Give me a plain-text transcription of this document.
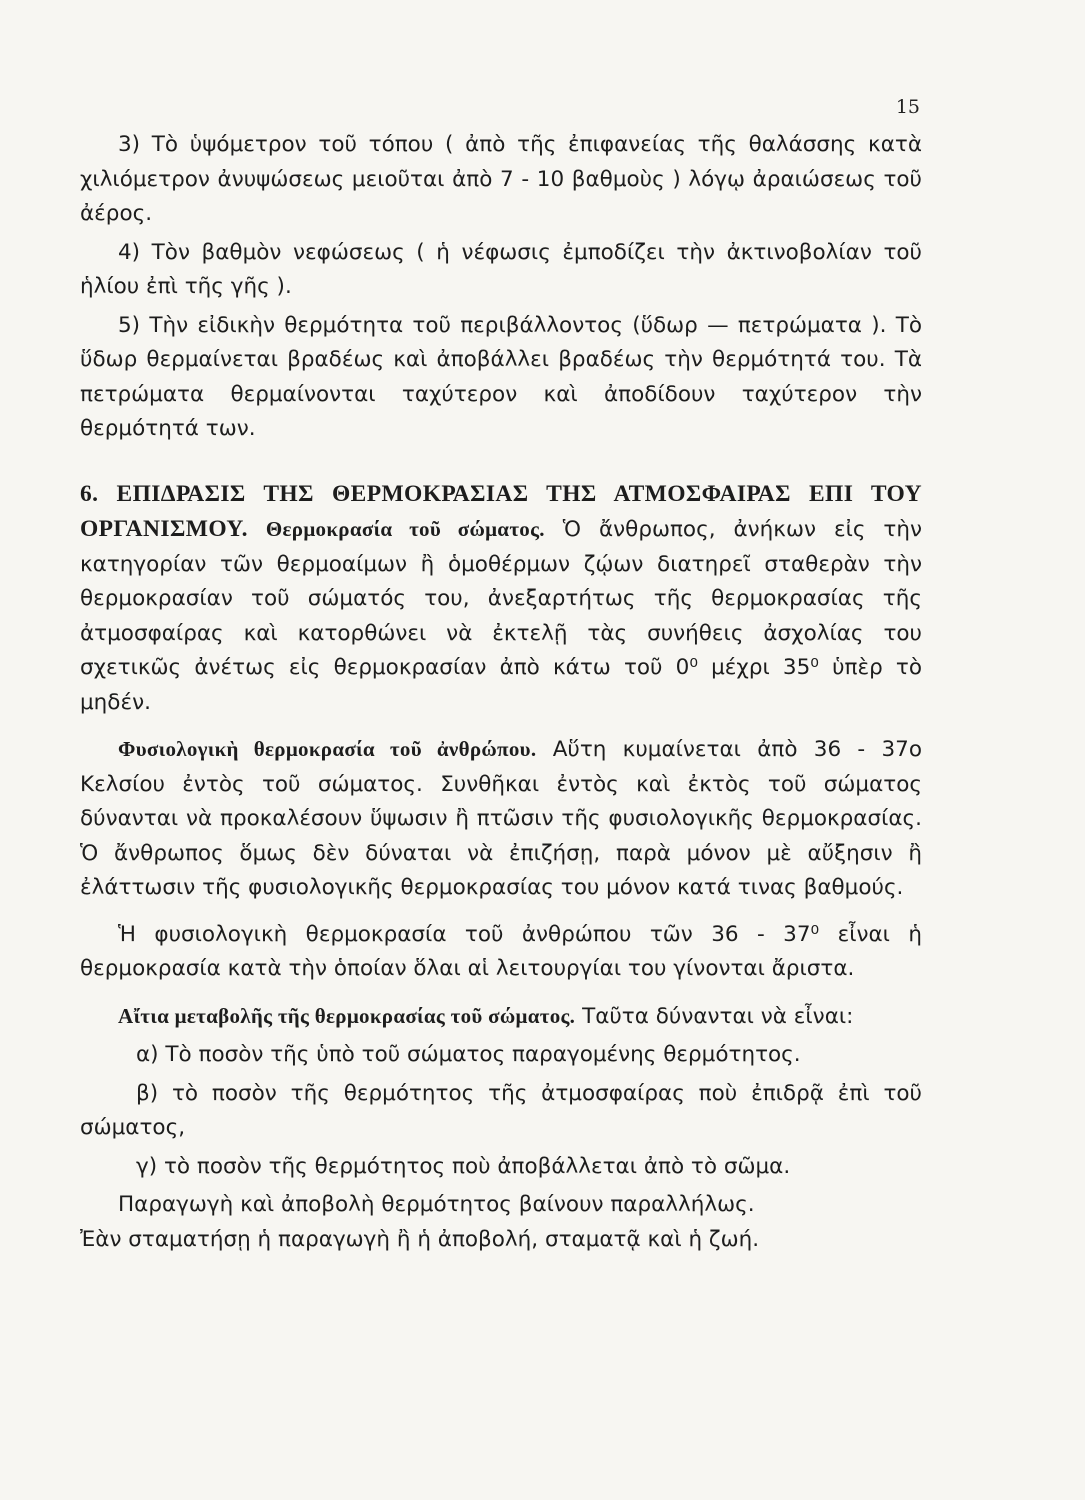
15

3) Τὸ ὑψόμετρον τοῦ τόπου ( ἀπὸ τῆς ἐπιφανείας τῆς θαλάσσης κατὰ χιλιόμετρον ἀνυψώσεως μειοῦται ἀπὸ 7 - 10 βαθμοὺς ) λόγῳ ἀραιώσεως τοῦ ἀέρος.

4) Τὸν βαθμὸν νεφώσεως ( ἡ νέφωσις ἐμποδίζει τὴν ἀκτινοβολίαν τοῦ ἡλίου ἐπὶ τῆς γῆς ).

5) Τὴν εἰδικὴν θερμότητα τοῦ περιβάλλοντος (ὕδωρ — πετρώματα ). Τὸ ὕδωρ θερμαίνεται βραδέως καὶ ἀποβάλλει βραδέως τὴν θερμότητά του. Τὰ πετρώματα θερμαίνονται ταχύτερον καὶ ἀποδίδουν ταχύτερον τὴν θερμότητά των.

6. ΕΠΙΔΡΑΣΙΣ ΤΗΣ ΘΕΡΜΟΚΡΑΣΙΑΣ ΤΗΣ ΑΤΜΟΣΦΑΙΡΑΣ ΕΠΙ ΤΟΥ ΟΡΓΑΝΙΣΜΟΥ. Θερμοκρασία τοῦ σώματος. Ὁ ἄνθρωπος, ἀνήκων εἰς τὴν κατηγορίαν τῶν θερμοαίμων ἢ ὁμοθέρμων ζῴων διατηρεῖ σταθερὰν τὴν θερμοκρασίαν τοῦ σώματός του, ἀνεξαρτήτως τῆς θερμοκρασίας τῆς ἀτμοσφαίρας καὶ κατορθώνει νὰ ἐκτελῇ τὰς συνήθεις ἀσχολίας του σχετικῶς ἀνέτως εἰς θερμοκρασίαν ἀπὸ κάτω τοῦ 0⁰ μέχρι 35⁰ ὑπὲρ τὸ μηδέν.

Φυσιολογικὴ θερμοκρασία τοῦ ἀνθρώπου. Αὕτη κυμαίνεται ἀπὸ 36 - 37ο Κελσίου ἐντὸς τοῦ σώματος. Συνθῆκαι ἐντὸς καὶ ἐκτὸς τοῦ σώματος δύνανται νὰ προκαλέσουν ὕψωσιν ἢ πτῶσιν τῆς φυσιολογικῆς θερμοκρασίας. Ὁ ἄνθρωπος ὅμως δὲν δύναται νὰ ἐπιζήσῃ, παρὰ μόνον μὲ αὔξησιν ἢ ἐλάττωσιν τῆς φυσιολογικῆς θερμοκρασίας του μόνον κατά τινας βαθμούς.

Ἡ φυσιολογικὴ θερμοκρασία τοῦ ἀνθρώπου τῶν 36 - 37⁰ εἶναι ἡ θερμοκρασία κατὰ τὴν ὁποίαν ὅλαι αἱ λειτουργίαι του γίνονται ἄριστα.

Αἴτια μεταβολῆς τῆς θερμοκρασίας τοῦ σώματος. Ταῦτα δύνανται νὰ εἶναι:

α) Τὸ ποσὸν τῆς ὑπὸ τοῦ σώματος παραγομένης θερμότητος.

β) τὸ ποσὸν τῆς θερμότητος τῆς ἀτμοσφαίρας ποὺ ἐπιδρᾷ ἐπὶ τοῦ σώματος,

γ) τὸ ποσὸν τῆς θερμότητος ποὺ ἀποβάλλεται ἀπὸ τὸ σῶμα.

Παραγωγὴ καὶ ἀποβολὴ θερμότητος βαίνουν παραλλήλως.

Ἐὰν σταματήσῃ ἡ παραγωγὴ ἢ ἡ ἀποβολή, σταματᾷ καὶ ἡ ζωή.
